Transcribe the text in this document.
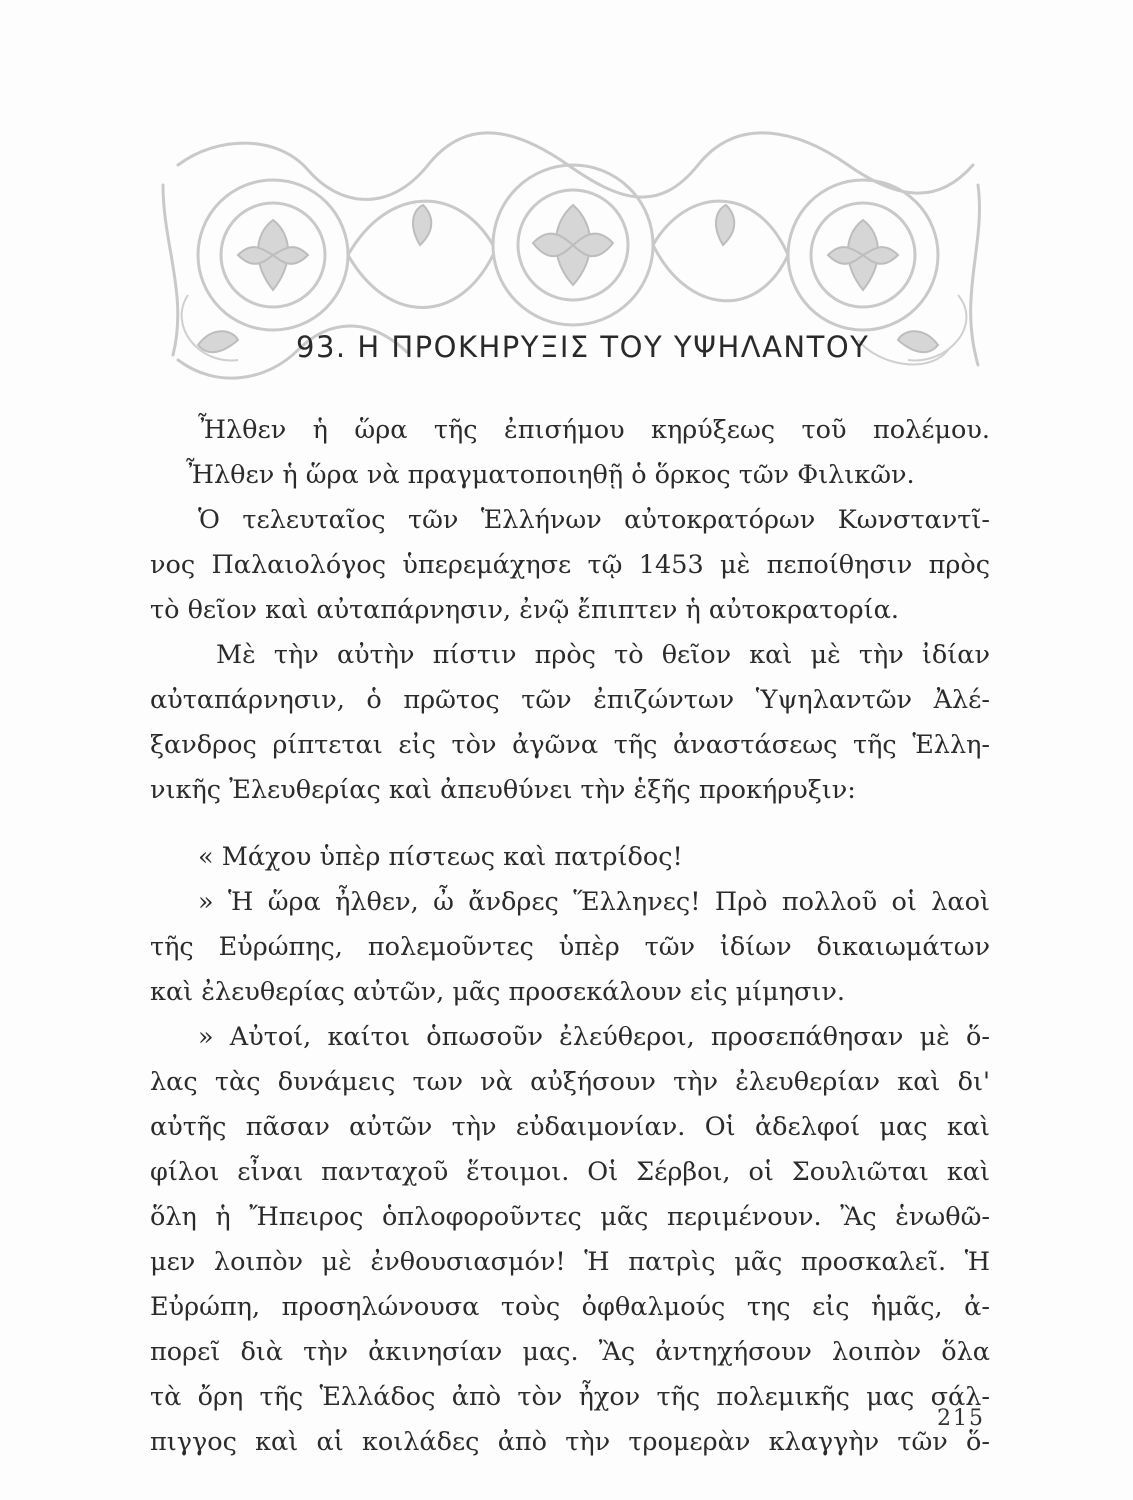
93. Η ΠΡΟΚΗΡΥΞΙΣ ΤΟΥ ΥΨΗΛΑΝΤΟΥ
Ἦλθεν ἡ ὥρα τῆς ἐπισήμου κηρύξεως τοῦ πολέμου.
Ἦλθεν ἡ ὥρα νὰ πραγματοποιηθῇ ὁ ὅρκος τῶν Φιλικῶν.
Ὁ τελευταῖος τῶν Ἑλλήνων αὐτοκρατόρων Κωνσταντῖ-
νος Παλαιολόγος ὑπερεμάχησε τῷ 1453 μὲ πεποίθησιν πρὸς
τὸ θεῖον καὶ αὐταπάρνησιν, ἐνῷ ἔπιπτεν ἡ αὐτοκρατορία.
Μὲ τὴν αὐτὴν πίστιν πρὸς τὸ θεῖον καὶ μὲ τὴν ἰδίαν
αὐταπάρνησιν, ὁ πρῶτος τῶν ἐπιζώντων Ὑψηλαντῶν Ἀλέ-
ξανδρος ρίπτεται εἰς τὸν ἀγῶνα τῆς ἀναστάσεως τῆς Ἑλλη-
νικῆς Ἐλευθερίας καὶ ἀπευθύνει τὴν ἑξῆς προκήρυξιν:
« Μάχου ὑπὲρ πίστεως καὶ πατρίδος!
» Ἡ ὥρα ἦλθεν, ὦ ἄνδρες Ἕλληνες! Πρὸ πολλοῦ οἱ λαοὶ
τῆς Εὐρώπης, πολεμοῦντες ὑπὲρ τῶν ἰδίων δικαιωμάτων
καὶ ἐλευθερίας αὐτῶν, μᾶς προσεκάλουν εἰς μίμησιν.
» Αὐτοί, καίτοι ὁπωσοῦν ἐλεύθεροι, προσεπάθησαν μὲ ὅ-
λας τὰς δυνάμεις των νὰ αὐξήσουν τὴν ἐλευθερίαν καὶ δι'
αὐτῆς πᾶσαν αὐτῶν τὴν εὐδαιμονίαν. Οἱ ἀδελφοί μας καὶ
φίλοι εἶναι πανταχοῦ ἕτοιμοι. Οἱ Σέρβοι, οἱ Σουλιῶται καὶ
ὅλη ἡ Ἤπειρος ὁπλοφοροῦντες μᾶς περιμένουν. Ἂς ἑνωθῶ-
μεν λοιπὸν μὲ ἐνθουσιασμόν! Ἡ πατρὶς μᾶς προσκαλεῖ. Ἡ
Εὐρώπη, προσηλώνουσα τοὺς ὀφθαλμούς της εἰς ἡμᾶς, ἀ-
πορεῖ διὰ τὴν ἀκινησίαν μας. Ἂς ἀντηχήσουν λοιπὸν ὅλα
τὰ ὄρη τῆς Ἑλλάδος ἀπὸ τὸν ἦχον τῆς πολεμικῆς μας σάλ-
πιγγος καὶ αἱ κοιλάδες ἀπὸ τὴν τρομερὰν κλαγγὴν τῶν ὅ-
215
